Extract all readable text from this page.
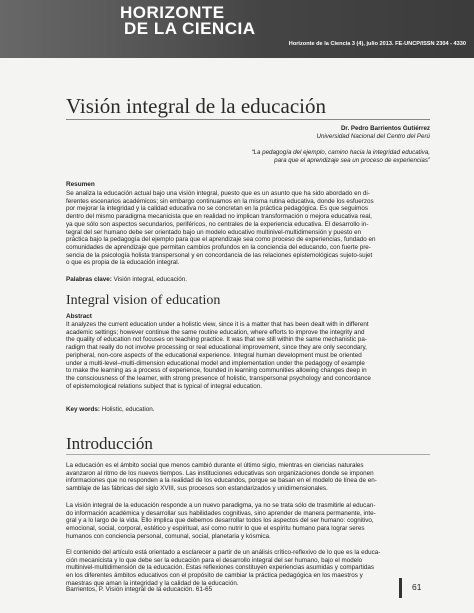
HORIZONTE
DE LA CIENCIA
Horizonte de la Ciencia 3 (4), julio 2013. FE-UNCP/ISSN 2304 - 4330
Visión integral de la educación
Dr. Pedro Barrientos Gutiérrez
Universidad Nacional del Centro del Perú
“La pedagogía del ejemplo, camino hacia la integridad educativa,
para que el aprendizaje sea un proceso de experiencias”
Resumen
Se analiza la educación actual bajo una visión integral, puesto que es un asunto que ha sido abordado en di-
ferentes escenarios académicos; sin embargo continuamos en la misma rutina educativa, donde los esfuerzos
por mejorar la integridad y la calidad educativa no se concretan en la práctica pedagógica. Es que seguimos
dentro del mismo paradigma mecanicista que en realidad no implican transformación o mejora educativa real,
ya que sólo son aspectos secundarios, periféricos, no centrales de la experiencia educativa. El desarrollo in-
tegral del ser humano debe ser orientado bajo un modelo educativo multinivel-multidimensión y puesto en
práctica bajo la pedagogía del ejemplo para que el aprendizaje sea como proceso de experiencias, fundado en
comunidades de aprendizaje que permitan cambios profundos en la conciencia del educando, con fuerte pre-
sencia de la psicología holista transpersonal y en concordancia de las relaciones epistemológicas sujeto-sujet
o que es propia de la educación integral.
Palabras clave: Visión integral, educación.
Integral vision of education
Abstract
It analyzes the current education under a holistic view, since it is a matter that has been dealt with in different
academic settings; however continue the same routine education, where efforts to improve the integrity and
the quality of education not focuses on teaching practice. It was that we still within the same mechanistic pa-
radigm that really do not involve processing or real educational improvement, since they are only secondary,
peripheral, non-core aspects of the educational experience. Integral human development must be oriented
under a multi-level–multi-dimension educational model and implementation under the pedagogy of example
to make the learning as a process of experience, founded in learning communities allowing changes deep in
the consciousness of the learner, with strong presence of holistic, transpersonal psychology and concordance
of epistemological relations subject that is typical of integral education.
Key words: Holistic, education.
Introducción
La educación es el ámbito social que menos cambió durante el último siglo, mientras en ciencias naturales
avanzaron al ritmo de los nuevos tiempos. Las instituciones educativas son organizaciones donde se imponen
informaciones que no responden a la realidad de los educandos, porque se basan en el modelo de línea de en-
samblaje de las fábricas del siglo XVIII, sus procesos son estandarizados y unidimensionales.
La visión integral de la educación responde a un nuevo paradigma, ya no se trata sólo de trasmitirle al educan-
do información académica y desarrollar sus habilidades cognitivas, sino aprender de manera permanente, inte-
gral y a lo largo de la vida. Ello implica que debemos desarrollar todos los aspectos del ser humano: cognitivo,
emocional, social, corporal, estético y espiritual, así como nutrir lo que el espíritu humano para lograr seres
humanos con conciencia personal, comunal, social, planetaria y kósmica.
El contenido del artículo está orientado a esclarecer a partir de un análisis crítico-reflexivo de lo que es la educa-
ción mecanicista y lo que debe ser la educación para el desarrollo integral del ser humano, bajo el modelo
multinivel-multidimensión de la educación. Estas reflexiones constituyen experiencias asumidas y compartidas
en los diferentes ámbitos educativos con el propósito de cambiar la práctica pedagógica en los maestros y
maestras que aman la integridad y la calidad de la educación.
Barrientos, P. Visión integral de la educación. 61-65	61
